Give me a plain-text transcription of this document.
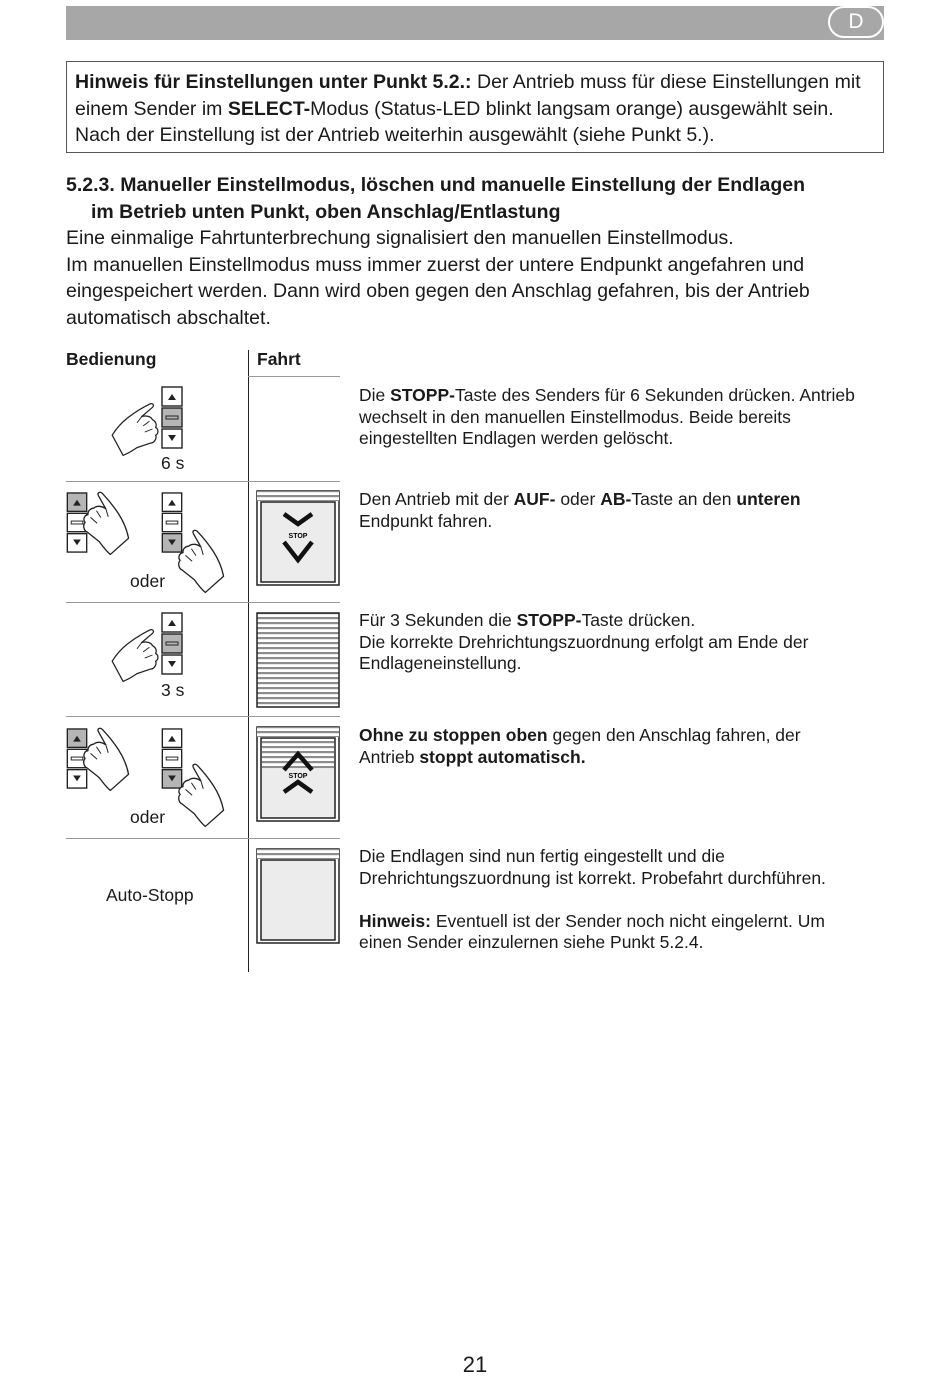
D
Hinweis für Einstellungen unter Punkt 5.2.: Der Antrieb muss für diese Einstellungen mit einem Sender im SELECT-Modus (Status-LED blinkt langsam orange) ausgewählt sein. Nach der Einstellung ist der Antrieb weiterhin ausgewählt (siehe Punkt 5.).
5.2.3. Manueller Einstellmodus, löschen und manuelle Einstellung der Endlagen
im Betrieb unten Punkt, oben Anschlag/Entlastung

Eine einmalige Fahrtunterbrechung signalisiert den manuellen Einstellmodus.

Im manuellen Einstellmodus muss immer zuerst der untere Endpunkt angefahren und eingespeichert werden. Dann wird oben gegen den Anschlag gefahren, bis der Antrieb automatisch abschaltet.

Bedienung	Fahrt
6 s

Die STOPP-Taste des Senders für 6 Sekunden drücken. Antrieb wechselt in den manuellen Einstellmodus. Beide bereits eingestellten Endlagen werden gelöscht.

oder
STOP

Den Antrieb mit der AUF- oder AB-Taste an den unteren Endpunkt fahren.

3 s

Für 3 Sekunden die STOPP-Taste drücken.

Die korrekte Drehrichtungszuordnung erfolgt am Ende der Endlageneinstellung.

oder
STOP

Ohne zu stoppen oben gegen den Anschlag fahren, der Antrieb stoppt automatisch.

Auto-Stopp

Die Endlagen sind nun fertig eingestellt und die Drehrichtungszuordnung ist korrekt. Probefahrt durchführen.

Hinweis: Eventuell ist der Sender noch nicht eingelernt. Um einen Sender einzulernen siehe Punkt 5.2.4.

21
